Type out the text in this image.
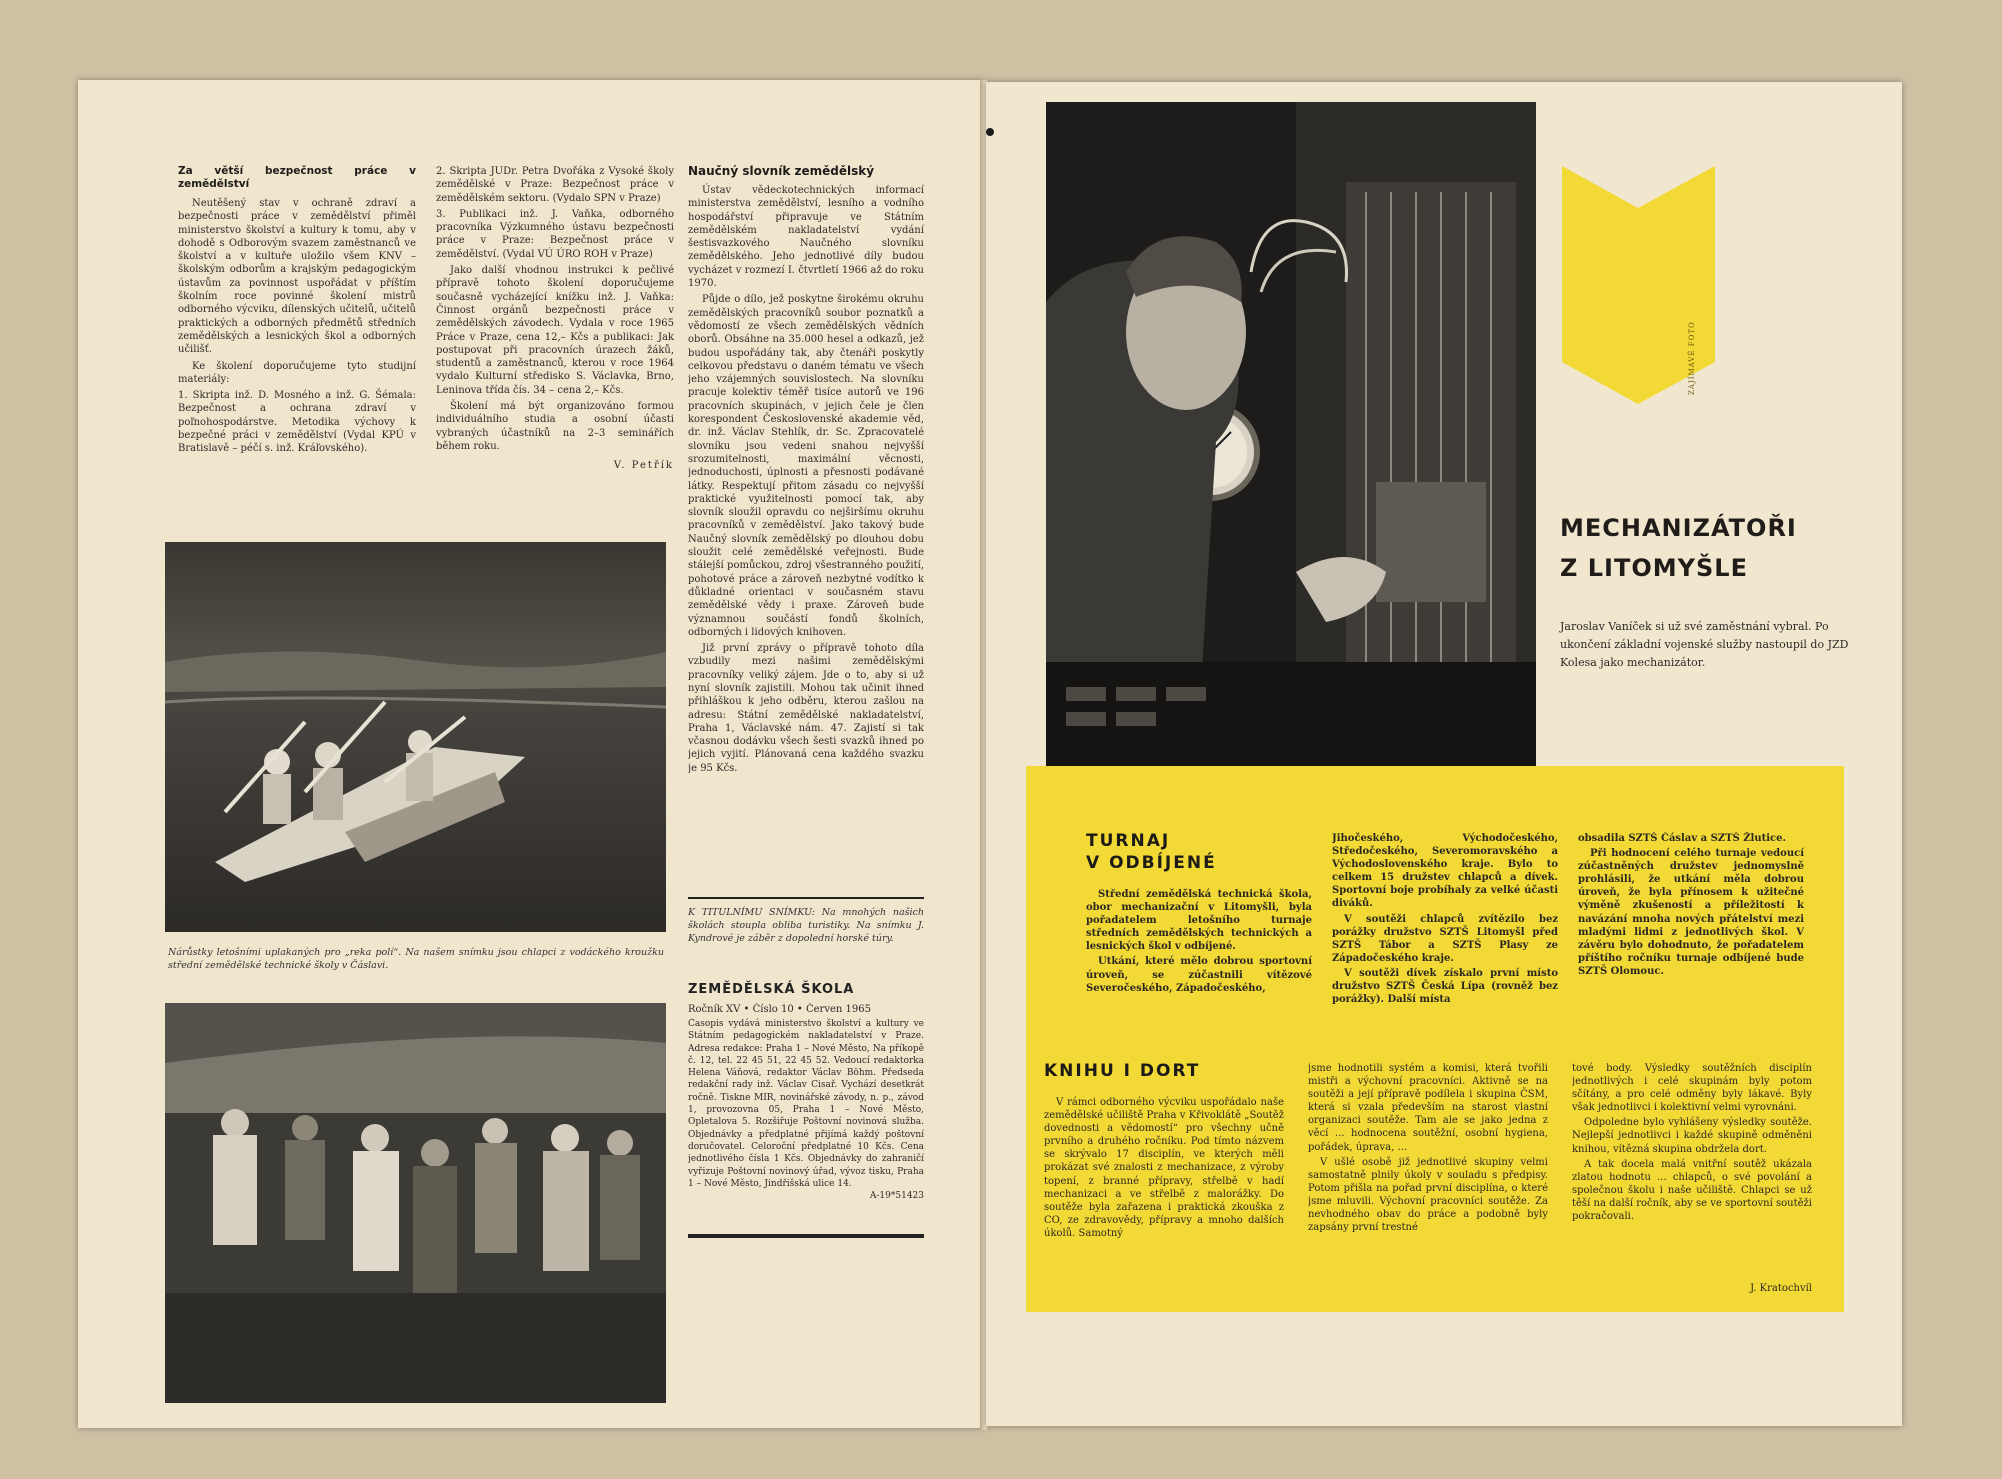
Za větší bezpečnost práce v zemědělství

Neutěšený stav v ochraně zdraví a bezpečnosti práce v zemědělství přiměl ministerstvo školství a kultury k tomu, aby v dohodě s Odborovým svazem zaměstnanců ve školství a v kultuře uložilo všem KNV – školským odborům a krajským pedagogickým ústavům za povinnost uspořádat v příštím školním roce povinné školení mistrů odborného výcviku, dílenských učitelů, učitelů praktických a odborných předmětů středních zemědělských a lesnických škol a odborných učilišť.

Ke školení doporučujeme tyto studijní materiály:

1. Skripta inž. D. Mosného a inž. G. Šémala: Bezpečnost a ochrana zdraví v poľnohospodárstve. Metodika výchovy k bezpečné práci v zemědělství (Vydal KPÚ v Bratislavě – péčí s. inž. Kráľovského).

2. Skripta JUDr. Petra Dvořáka z Vysoké školy zemědělské v Praze: Bezpečnost práce v zemědělském sektoru. (Vydalo SPN v Praze)

3. Publikaci inž. J. Vaňka, odborného pracovníka Výzkumného ústavu bezpečnosti práce v Praze: Bezpečnost práce v zemědělství. (Vydal VÚ ÚRO ROH v Praze)

Jako další vhodnou instrukci k pečlivé přípravě tohoto školení doporučujeme současně vycházející knížku inž. J. Vaňka: Činnost orgánů bezpečnosti práce v zemědělských závodech. Vydala v roce 1965 Práce v Praze, cena 12,– Kčs a publikaci: Jak postupovat při pracovních úrazech žáků, studentů a zaměstnanců, kterou v roce 1964 vydalo Kulturní středisko S. Václavka, Brno, Leninova třída čís. 34 – cena 2,– Kčs.

Školení má být organizováno formou individuálního studia a osobní účasti vybraných účastníků na 2–3 seminářích během roku.

V. Petřík
Naučný slovník zemědělský

Ústav vědeckotechnických informací ministerstva zemědělství, lesního a vodního hospodářství připravuje ve Státním zemědělském nakladatelství vydání šestisvazkového Naučného slovníku zemědělského. Jeho jednotlivé díly budou vycházet v rozmezí I. čtvrtletí 1966 až do roku 1970.

Půjde o dílo, jež poskytne širokému okruhu zemědělských pracovníků soubor poznatků a vědomostí ze všech zemědělských vědních oborů. Obsáhne na 35.000 hesel a odkazů, jež budou uspořádány tak, aby čtenáři poskytly celkovou představu o daném tématu ve všech jeho vzájemných souvislostech. Na slovníku pracuje kolektiv téměř tisíce autorů ve 196 pracovních skupinách, v jejich čele je člen korespondent Československé akademie věd, dr. inž. Václav Stehlík, dr. Sc. Zpracovatelé slovníku jsou vedeni snahou nejvyšší srozumitelnosti, maximální věcnosti, jednoduchosti, úplnosti a přesnosti podávané látky. Respektují přitom zásadu co nejvyšší praktické využitelnosti pomocí tak, aby slovník sloužil opravdu co nejširšímu okruhu pracovníků v zemědělství. Jako takový bude Naučný slovník zemědělský po dlouhou dobu sloužit celé zemědělské veřejnosti. Bude stálejší pomůckou, zdroj všestranného použití, pohotové práce a zároveň nezbytné vodítko k důkladné orientaci v současném stavu zemědělské vědy i praxe. Zároveň bude významnou součástí fondů školních, odborných i lidových knihoven.

Již první zprávy o přípravě tohoto díla vzbudily mezi našimi zemědělskými pracovníky veliký zájem. Jde o to, aby si už nyní slovník zajistili. Mohou tak učinit ihned přihláškou k jeho odběru, kterou zašlou na adresu: Státní zemědělské nakladatelství, Praha 1, Václavské nám. 47. Zajistí si tak včasnou dodávku všech šesti svazků ihned po jejich vyjití. Plánovaná cena každého svazku je 95 Kčs.

Nárůstky letošními uplakaných pro „reka polí“. Na našem snímku jsou chlapci z vodáckého kroužku střední zemědělské technické školy v Čáslavi.
K TITULNÍMU SNÍMKU: Na mnohých našich školách stoupla obliba turistiky. Na snímku J. Kyndrové je záběr z dopolední horské túry.
ZEMĚDĚLSKÁ ŠKOLA
Ročník XV • Číslo 10 • Červen 1965
Časopis vydává ministerstvo školství a kultury ve Státním pedagogickém nakladatelství v Praze. Adresa redakce: Praha 1 – Nové Město, Na příkopě č. 12, tel. 22 45 51, 22 45 52. Vedoucí redaktorka Helena Váňová, redaktor Václav Böhm. Předseda redakční rady inž. Václav Cisař. Vychází desetkrát ročně. Tiskne MIR, novinářské závody, n. p., závod 1, provozovna 05, Praha 1 – Nové Město, Opletalova 5. Rozšiřuje Poštovní novinová služba. Objednávky a předplatné přijímá každý poštovní doručovatel. Celoroční předplatné 10 Kčs. Cena jednotlivého čísla 1 Kčs. Objednávky do zahraničí vyřizuje Poštovní novinový úřad, vývoz tisku, Praha 1 – Nové Město, Jindřišská ulice 14.
A-19*51423
ZAJÍMAVÉ FOTO
MECHANIZÁTOŘI
Z LITOMYŠLE
Jaroslav Vaníček si už své zaměstnání vybral. Po ukončení základní vojenské služby nastoupil do JZD Kolesa jako mechanizátor.
TURNAJ
V ODBÍJENÉ

Střední zemědělská technická škola, obor mechanizační v Litomyšli, byla pořadatelem letošního turnaje středních zemědělských technických a lesnických škol v odbíjené.

Utkání, které mělo dobrou sportovní úroveň, se zúčastnili vítězové Severočeského, Západočeského,

Jihočeského, Východočeského, Středočeského, Severomoravského a Východoslovenského kraje. Bylo to celkem 15 družstev chlapců a dívek. Sportovní boje probíhaly za velké účasti diváků.

V soutěži chlapců zvítězilo bez porážky družstvo SZTŠ Litomyšl před SZTŠ Tábor a SZTŠ Plasy ze Západočeského kraje.

V soutěži dívek získalo první místo družstvo SZTŠ Česká Lípa (rovněž bez porážky). Další místa

obsadila SZTŠ Čáslav a SZTŠ Žlutice.

Při hodnocení celého turnaje vedoucí zúčastněných družstev jednomyslně prohlásili, že utkání měla dobrou úroveň, že byla přínosem k užitečné výměně zkušeností a příležitostí k navázání mnoha nových přátelství mezi mladými lidmi z jednotlivých škol. V závěru bylo dohodnuto, že pořadatelem příštího ročníku turnaje odbíjené bude SZTŠ Olomouc.

KNIHU I DORT

V rámci odborného výcviku uspořádalo naše zemědělské učiliště Praha v Křivoklátě „Soutěž dovednosti a vědomostí“ pro všechny učně prvního a druhého ročníku. Pod tímto názvem se skrývalo 17 disciplín, ve kterých měli prokázat své znalosti z mechanizace, z výroby topení, z branné přípravy, střelbě v hadí mechanizaci a ve střelbě z malorážky. Do soutěže byla zařazena i praktická zkouška z CO, ze zdravovědy, přípravy a mnoho dalších úkolů. Samotný

jsme hodnotili systém a komisi, která tvořili mistři a výchovní pracovníci. Aktivně se na soutěži a její přípravě podílela i skupina ČSM, která si vzala především na starost vlastní organizaci soutěže. Tam ale se jako jedna z věcí ... hodnocena soutěžní, osobní hygiena, pořádek, úprava, ...

V ušlé osobě již jednotlivé skupiny velmi samostatně plnily úkoly v souladu s předpisy. Potom přišla na pořad první disciplína, o které jsme mluvili. Výchovní pracovníci soutěže. Za nevhodného obav do práce a podobně byly zapsány první trestné

tové body. Výsledky soutěžních disciplín jednotlivých i celé skupinám byly potom sčítány, a pro celé odměny byly lákavé. Byly však jednotlivci i kolektivní velmi vyrovnáni.

Odpoledne bylo vyhlášeny výsledky soutěže. Nejlepší jednotlivci i každé skupině odměněni knihou, vítězná skupina obdržela dort.

A tak docela malá vnitřní soutěž ukázala zlatou hodnotu ... chlapců, o své povolání a společnou školu i naše učiliště. Chlapci se už těší na další ročník, aby se ve sportovní soutěži pokračovali.

J. Kratochvíl
